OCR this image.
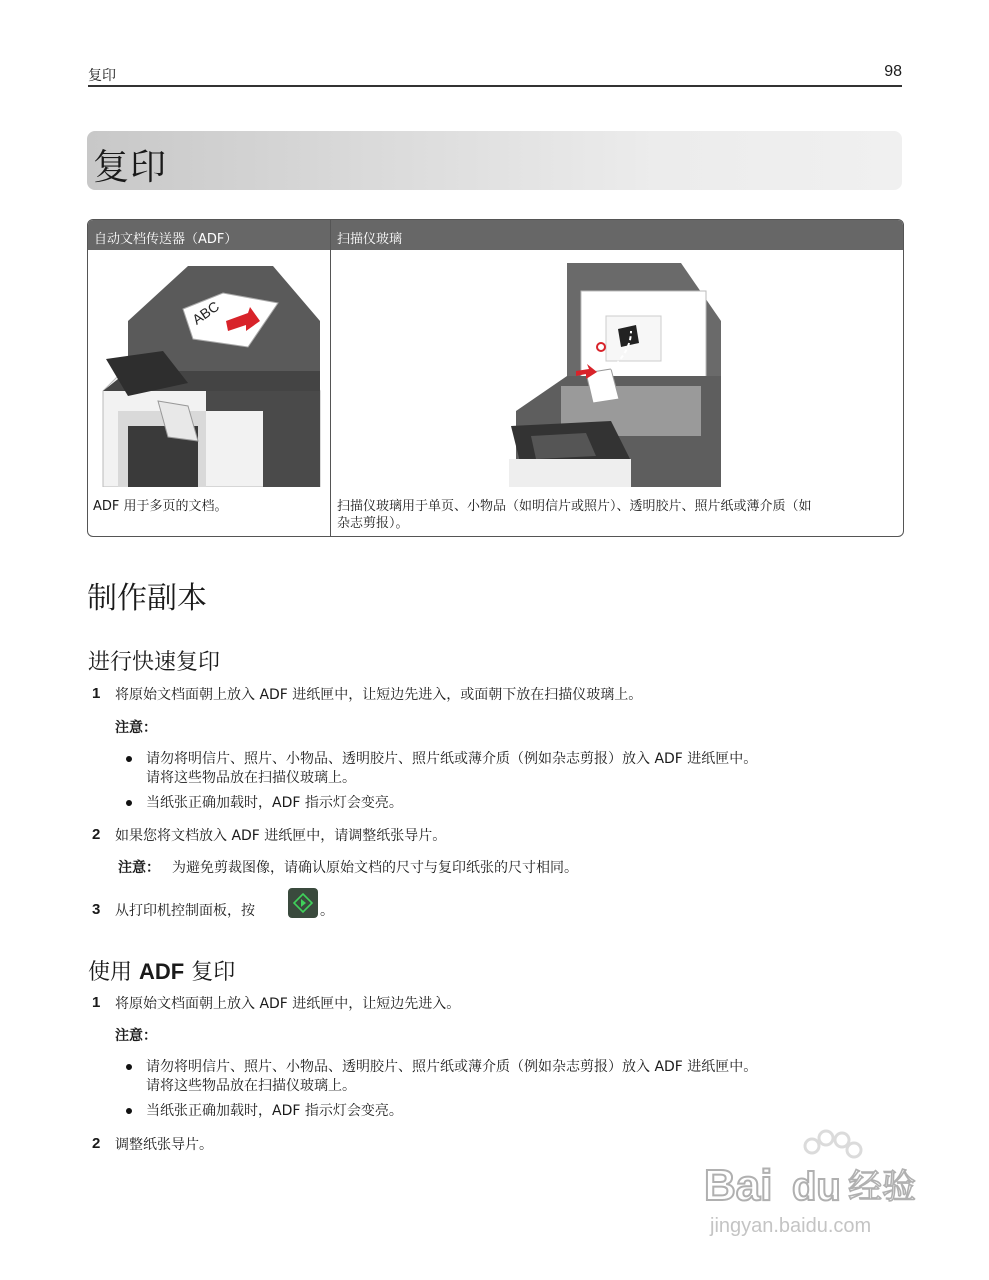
复印	98
复印
自动文档传送器（ADF）	扫描仪玻璃
ABC
ADF 用于多页的文档。	扫描仪玻璃用于单页、小物品（如明信片或照片）、透明胶片、照片纸或薄介质（如
杂志剪报）。
制作副本
进行快速复印
1 将原始文档面朝上放入 ADF 进纸匣中，让短边先进入，或面朝下放在扫描仪玻璃上。
注意：
请勿将明信片、照片、小物品、透明胶片、照片纸或薄介质（例如杂志剪报）放入 ADF 进纸匣中。
请将这些物品放在扫描仪玻璃上。
当纸张正确加载时，ADF 指示灯会变亮。
2 如果您将文档放入 ADF 进纸匣中，请调整纸张导片。
注意： 为避免剪裁图像，请确认原始文档的尺寸与复印纸张的尺寸相同。
3 从打印机控制面板，按	。
使用 ADF 复印
1 将原始文档面朝上放入 ADF 进纸匣中，让短边先进入。
注意：
请勿将明信片、照片、小物品、透明胶片、照片纸或薄介质（例如杂志剪报）放入 ADF 进纸匣中。
请将这些物品放在扫描仪玻璃上。
当纸张正确加载时，ADF 指示灯会变亮。
2 调整纸张导片。
Bai du 经验
jingyan.baidu.com
